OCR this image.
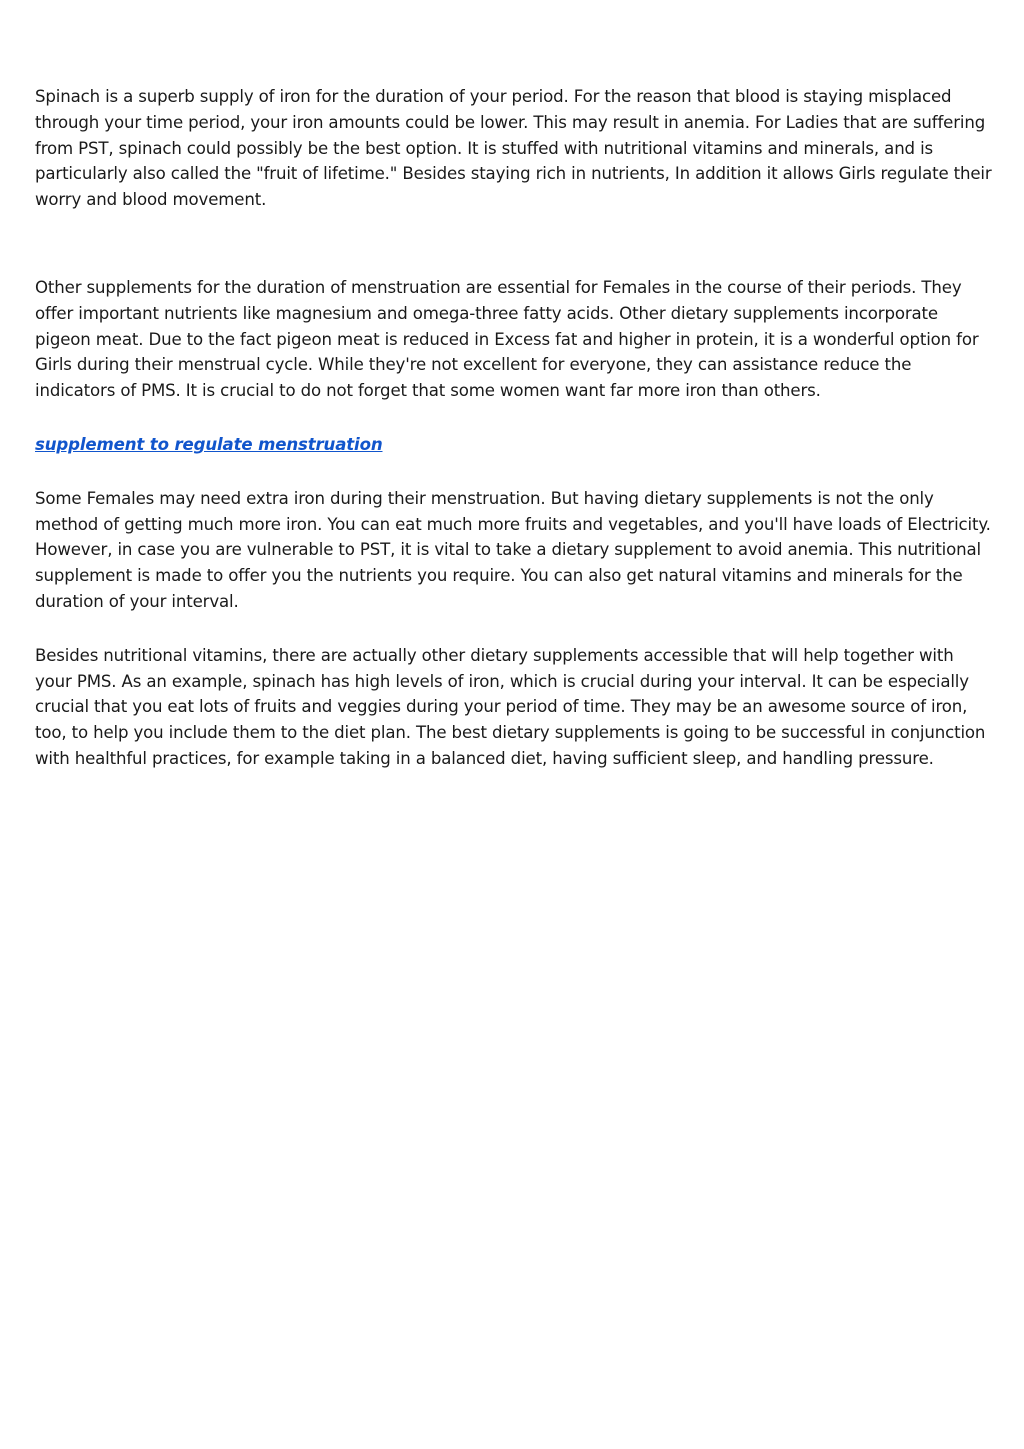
Spinach is a superb supply of iron for the duration of your period. For the reason that blood is staying misplaced through your time period, your iron amounts could be lower. This may result in anemia. For Ladies that are suffering from PST, spinach could possibly be the best option. It is stuffed with nutritional vitamins and minerals, and is particularly also called the "fruit of lifetime." Besides staying rich in nutrients, In addition it allows Girls regulate their worry and blood movement.

Other supplements for the duration of menstruation are essential for Females in the course of their periods. They offer important nutrients like magnesium and omega-three fatty acids. Other dietary supplements incorporate pigeon meat. Due to the fact pigeon meat is reduced in Excess fat and higher in protein, it is a wonderful option for Girls during their menstrual cycle. While they're not excellent for everyone, they can assistance reduce the indicators of PMS. It is crucial to do not forget that some women want far more iron than others.

supplement to regulate menstruation

Some Females may need extra iron during their menstruation. But having dietary supplements is not the only method of getting much more iron. You can eat much more fruits and vegetables, and you'll have loads of Electricity. However, in case you are vulnerable to PST, it is vital to take a dietary supplement to avoid anemia. This nutritional supplement is made to offer you the nutrients you require. You can also get natural vitamins and minerals for the duration of your interval.

Besides nutritional vitamins, there are actually other dietary supplements accessible that will help together with your PMS. As an example, spinach has high levels of iron, which is crucial during your interval. It can be especially crucial that you eat lots of fruits and veggies during your period of time. They may be an awesome source of iron, too, to help you include them to the diet plan. The best dietary supplements is going to be successful in conjunction with healthful practices, for example taking in a balanced diet, having sufficient sleep, and handling pressure.
